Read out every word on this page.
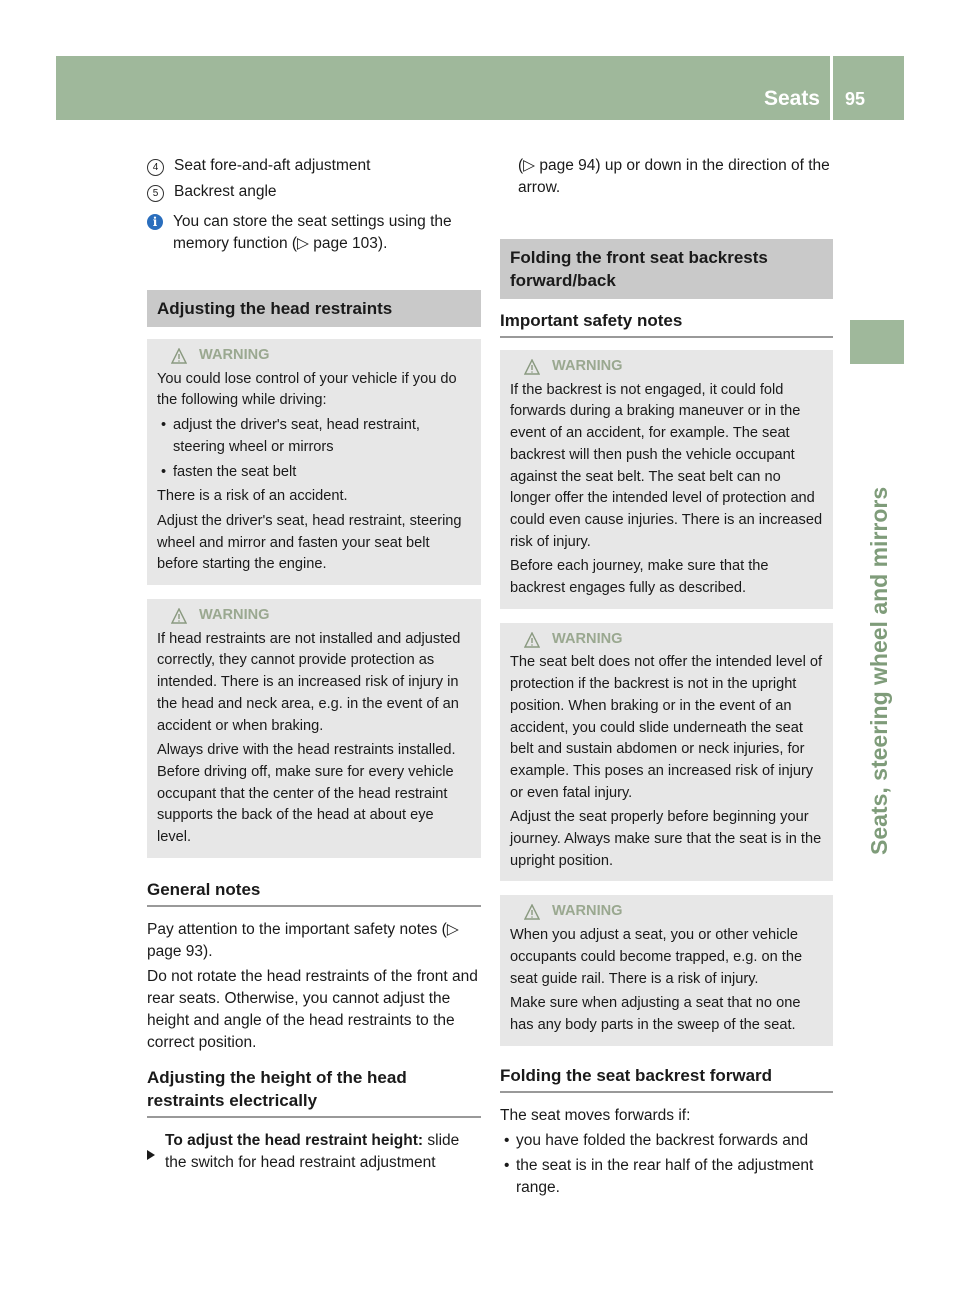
Seats 95
Seats, steering wheel and mirrors
4	Seat fore-and-aft adjustment
5	Backrest angle
i	You can store the seat settings using the memory function (▷ page 103).
Adjusting the head restraints
WARNING

You could lose control of your vehicle if you do the following while driving:

• adjust the driver's seat, head restraint, steering wheel or mirrors

• fasten the seat belt

There is a risk of an accident.

Adjust the driver's seat, head restraint, steering wheel and mirror and fasten your seat belt before starting the engine.

WARNING

If head restraints are not installed and adjusted correctly, they cannot provide protection as intended. There is an increased risk of injury in the head and neck area, e.g. in the event of an accident or when braking.

Always drive with the head restraints installed. Before driving off, make sure for every vehicle occupant that the center of the head restraint supports the back of the head at about eye level.

General notes

Pay attention to the important safety notes (▷ page 93).

Do not rotate the head restraints of the front and rear seats. Otherwise, you cannot adjust the height and angle of the head restraints to the correct position.

Adjusting the height of the head restraints electrically

To adjust the head restraint height: slide the switch for head restraint adjustment

(▷ page 94) up or down in the direction of the arrow.

Folding the front seat backrests forward/back
Important safety notes
WARNING

If the backrest is not engaged, it could fold forwards during a braking maneuver or in the event of an accident, for example. The seat backrest will then push the vehicle occupant against the seat belt. The seat belt can no longer offer the intended level of protection and could even cause injuries. There is an increased risk of injury.

Before each journey, make sure that the backrest engages fully as described.

WARNING

The seat belt does not offer the intended level of protection if the backrest is not in the upright position. When braking or in the event of an accident, you could slide underneath the seat belt and sustain abdomen or neck injuries, for example. This poses an increased risk of injury or even fatal injury.

Adjust the seat properly before beginning your journey. Always make sure that the seat is in the upright position.

WARNING

When you adjust a seat, you or other vehicle occupants could become trapped, e.g. on the seat guide rail. There is a risk of injury.

Make sure when adjusting a seat that no one has any body parts in the sweep of the seat.

Folding the seat backrest forward

The seat moves forwards if:

• you have folded the backrest forwards and

• the seat is in the rear half of the adjustment range.
